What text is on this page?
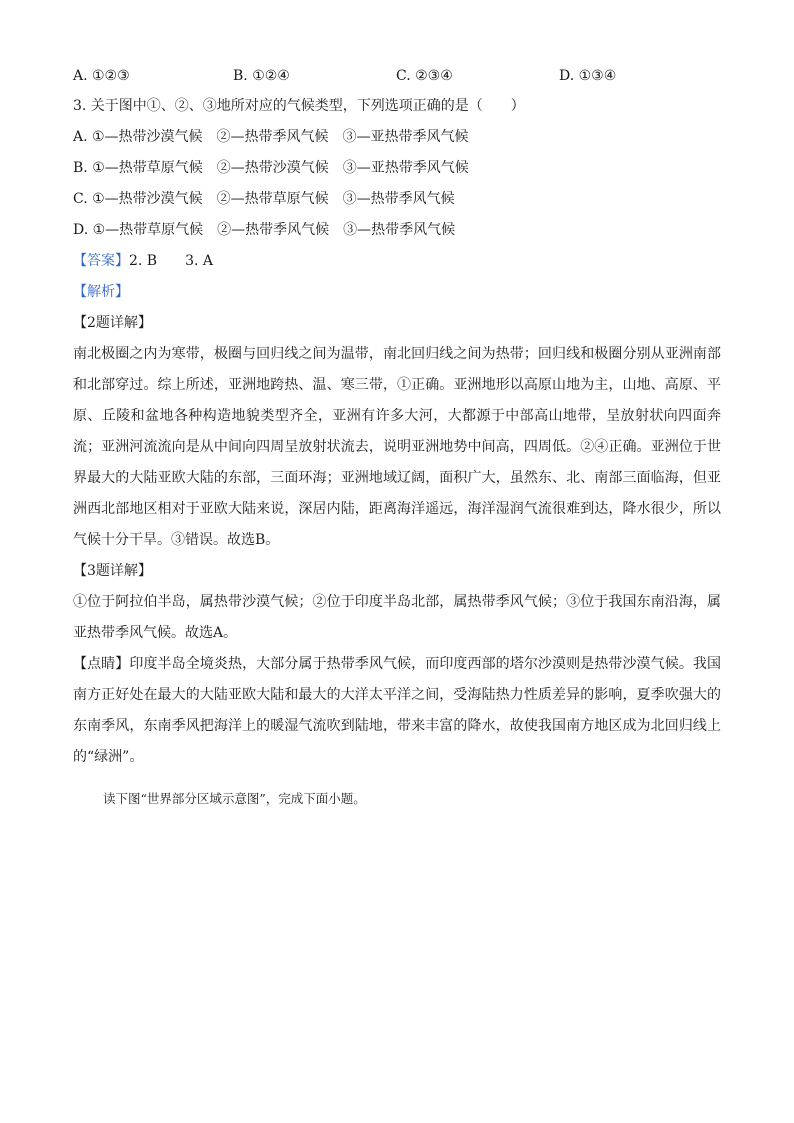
A. ①②③	B. ①②④	C. ②③④	D. ①③④
3. 关于图中①、②、③地所对应的气候类型，下列选项正确的是（　　）
A. ①—热带沙漠气候　②—热带季风气候　③—亚热带季风气候
B. ①—热带草原气候　②—热带沙漠气候　③—亚热带季风气候
C. ①—热带沙漠气候　②—热带草原气候　③—热带季风气候
D. ①—热带草原气候　②—热带季风气候　③—热带季风气候
【答案】2. B 3. A
【解析】
【2题详解】

南北极圈之内为寒带，极圈与回归线之间为温带，南北回归线之间为热带；回归线和极圈分别从亚洲南部和北部穿过。综上所述，亚洲地跨热、温、寒三带，①正确。亚洲地形以高原山地为主，山地、高原、平原、丘陵和盆地各种构造地貌类型齐全，亚洲有许多大河，大都源于中部高山地带，呈放射状向四面奔流；亚洲河流流向是从中间向四周呈放射状流去，说明亚洲地势中间高，四周低。②④正确。亚洲位于世界最大的大陆亚欧大陆的东部，三面环海；亚洲地域辽阔，面积广大，虽然东、北、南部三面临海，但亚洲西北部地区相对于亚欧大陆来说，深居内陆，距离海洋遥远，海洋湿润气流很难到达，降水很少，所以气候十分干旱。③错误。故选B。

【3题详解】

①位于阿拉伯半岛，属热带沙漠气候；②位于印度半岛北部，属热带季风气候；③位于我国东南沿海，属亚热带季风气候。故选A。

【点睛】印度半岛全境炎热，大部分属于热带季风气候，而印度西部的塔尔沙漠则是热带沙漠气候。我国南方正好处在最大的大陆亚欧大陆和最大的大洋太平洋之间，受海陆热力性质差异的影响，夏季吹强大的东南季风，东南季风把海洋上的暖湿气流吹到陆地，带来丰富的降水，故使我国南方地区成为北回归线上的“绿洲”。

读下图“世界部分区域示意图”，完成下面小题。
